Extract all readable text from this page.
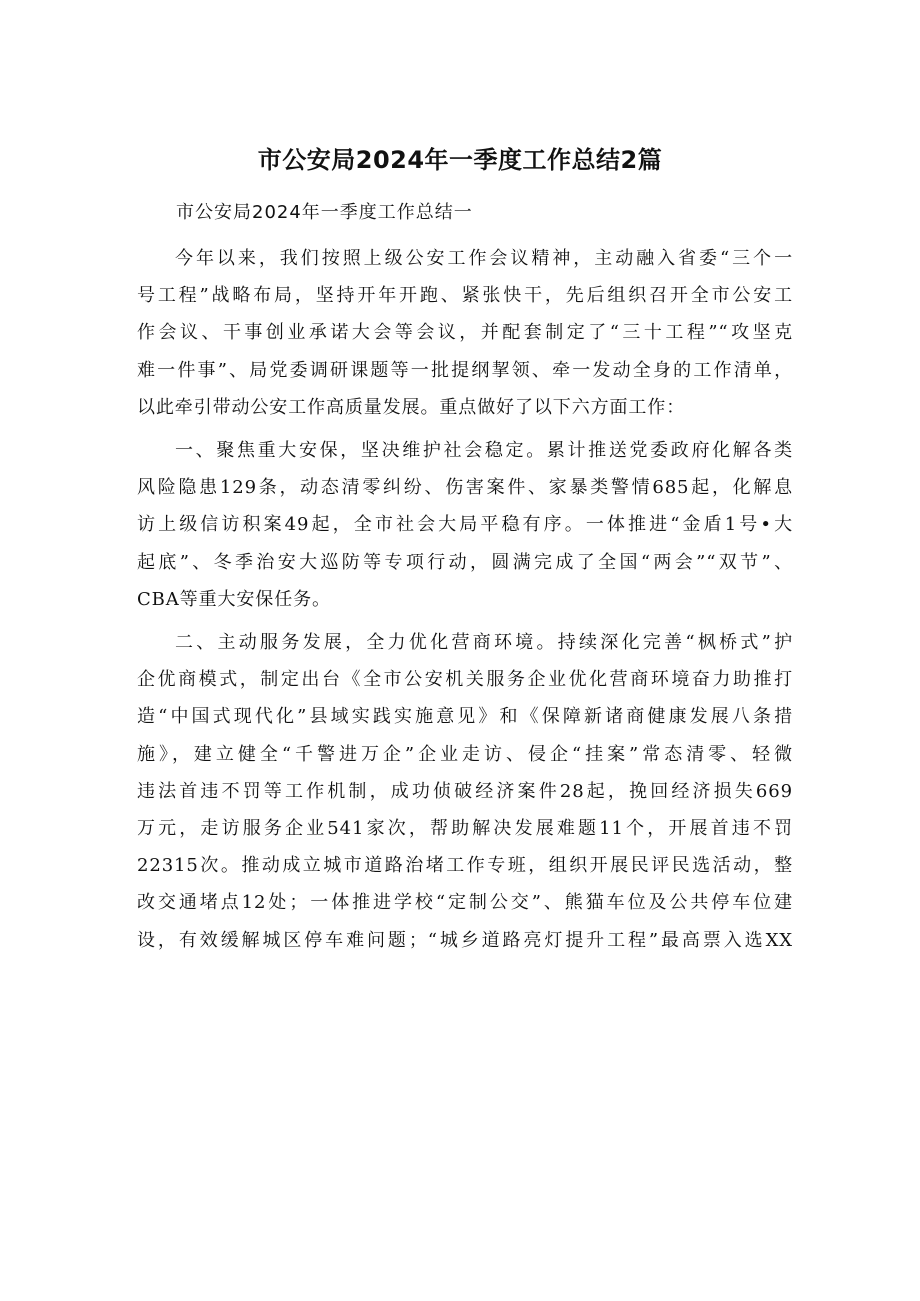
市公安局2024年一季度工作总结2篇
市公安局2024年一季度工作总结一
今年以来，我们按照上级公安工作会议精神，主动融入省委“三个一
号工程”战略布局，坚持开年开跑、紧张快干，先后组织召开全市公安工
作会议、干事创业承诺大会等会议，并配套制定了“三十工程”“攻坚克
难一件事”、局党委调研课题等一批提纲挈领、牵一发动全身的工作清单，
以此牵引带动公安工作高质量发展。重点做好了以下六方面工作：
一、聚焦重大安保，坚决维护社会稳定。累计推送党委政府化解各类
风险隐患129条，动态清零纠纷、伤害案件、家暴类警情685起，化解息
访上级信访积案49起，全市社会大局平稳有序。一体推进“金盾1号•大
起底”、冬季治安大巡防等专项行动，圆满完成了全国“两会”“双节”、
CBA等重大安保任务。
二、主动服务发展，全力优化营商环境。持续深化完善“枫桥式”护
企优商模式，制定出台《全市公安机关服务企业优化营商环境奋力助推打
造“中国式现代化”县域实践实施意见》和《保障新诸商健康发展八条措
施》，建立健全“千警进万企”企业走访、侵企“挂案”常态清零、轻微
违法首违不罚等工作机制，成功侦破经济案件28起，挽回经济损失669
万元，走访服务企业541家次，帮助解决发展难题11个，开展首违不罚
22315次。推动成立城市道路治堵工作专班，组织开展民评民选活动，整
改交通堵点12处；一体推进学校“定制公交”、熊猫车位及公共停车位建
设，有效缓解城区停车难问题；“城乡道路亮灯提升工程”最高票入选XX
